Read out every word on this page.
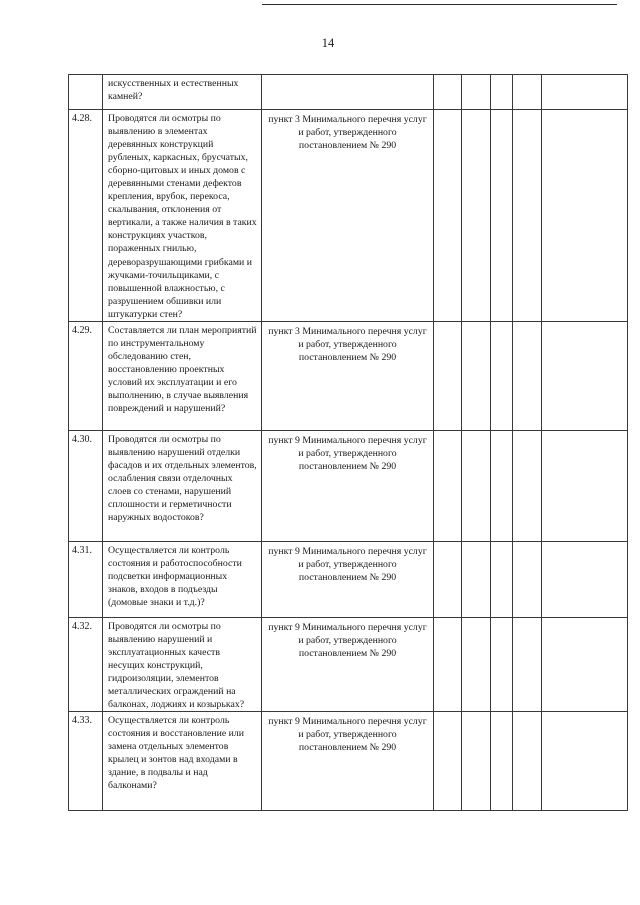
14
	искусственных и естественных камней?						
4.28.	Проводятся ли осмотры по выявлению в элементах деревянных конструкций рубленых, каркасных, брусчатых, сборно-щитовых и иных домов с деревянными стенами дефектов крепления, врубок, перекоса, скалывания, отклонения от вертикали, а также наличия в таких конструкциях участков, пораженных гнилью, дереворазрушающими грибками и жучками-точильщиками, с повышенной влажностью, с разрушением обшивки или штукатурки стен?	пункт 3 Минимального перечня услуг и работ, утвержденного постановлением № 290					
4.29.	Составляется ли план мероприятий по инструментальному обследованию стен, восстановлению проектных условий их эксплуатации и его выполнению, в случае выявления повреждений и нарушений?	пункт 3 Минимального перечня услуг и работ, утвержденного постановлением № 290					
4.30.	Проводятся ли осмотры по выявлению нарушений отделки фасадов и их отдельных элементов, ослабления связи отделочных слоев со стенами, нарушений сплошности и герметичности наружных водостоков?	пункт 9 Минимального перечня услуг и работ, утвержденного постановлением № 290					
4.31.	Осуществляется ли контроль состояния и работоспособности подсветки информационных знаков, входов в подъезды (домовые знаки и т.д.)?	пункт 9 Минимального перечня услуг и работ, утвержденного постановлением № 290					
4.32.	Проводятся ли осмотры по выявлению нарушений и эксплуатационных качеств несущих конструкций, гидроизоляции, элементов металлических ограждений на балконах, лоджиях и козырьках?	пункт 9 Минимального перечня услуг и работ, утвержденного постановлением № 290					
4.33.	Осуществляется ли контроль состояния и восстановление или замена отдельных элементов крылец и зонтов над входами в здание, в подвалы и над балконами?	пункт 9 Минимального перечня услуг и работ, утвержденного постановлением № 290					
